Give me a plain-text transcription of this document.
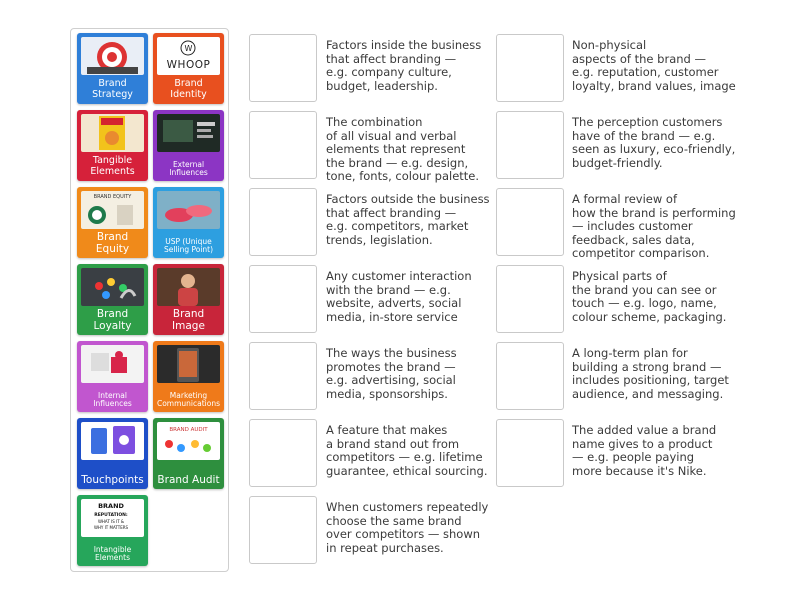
Brand Strategy
W
WHOOP
Brand Identity
Tangible Elements
External Influences
BRAND EQUITY
Brand Equity
USP (Unique Selling Point)
Brand Loyalty
Brand Image
Internal Influences
Marketing Communications
Touchpoints
BRAND AUDIT
Brand Audit
BRAND
REPUTATION:
WHAT IS IT &
WHY IT MATTERS
Intangible Elements
Factors inside the business
that affect branding —
e.g. company culture,
budget, leadership.
The combination
of all visual and verbal
elements that represent
the brand — e.g. design,
tone, fonts, colour palette.
Factors outside the business
that affect branding —
e.g. competitors, market
trends, legislation.
Any customer interaction
with the brand — e.g.
website, adverts, social
media, in-store service
The ways the business
promotes the brand —
e.g. advertising, social
media, sponsorships.
A feature that makes
a brand stand out from
competitors — e.g. lifetime
guarantee, ethical sourcing.
When customers repeatedly
choose the same brand
over competitors — shown
in repeat purchases.
Non-physical
aspects of the brand —
e.g. reputation, customer
loyalty, brand values, image
The perception customers
have of the brand — e.g.
seen as luxury, eco-friendly,
budget-friendly.
A formal review of
how the brand is performing
— includes customer
feedback, sales data,
competitor comparison.
Physical parts of
the brand you can see or
touch — e.g. logo, name,
colour scheme, packaging.
A long-term plan for
building a strong brand —
includes positioning, target
audience, and messaging.
The added value a brand
name gives to a product
— e.g. people paying
more because it's Nike.
